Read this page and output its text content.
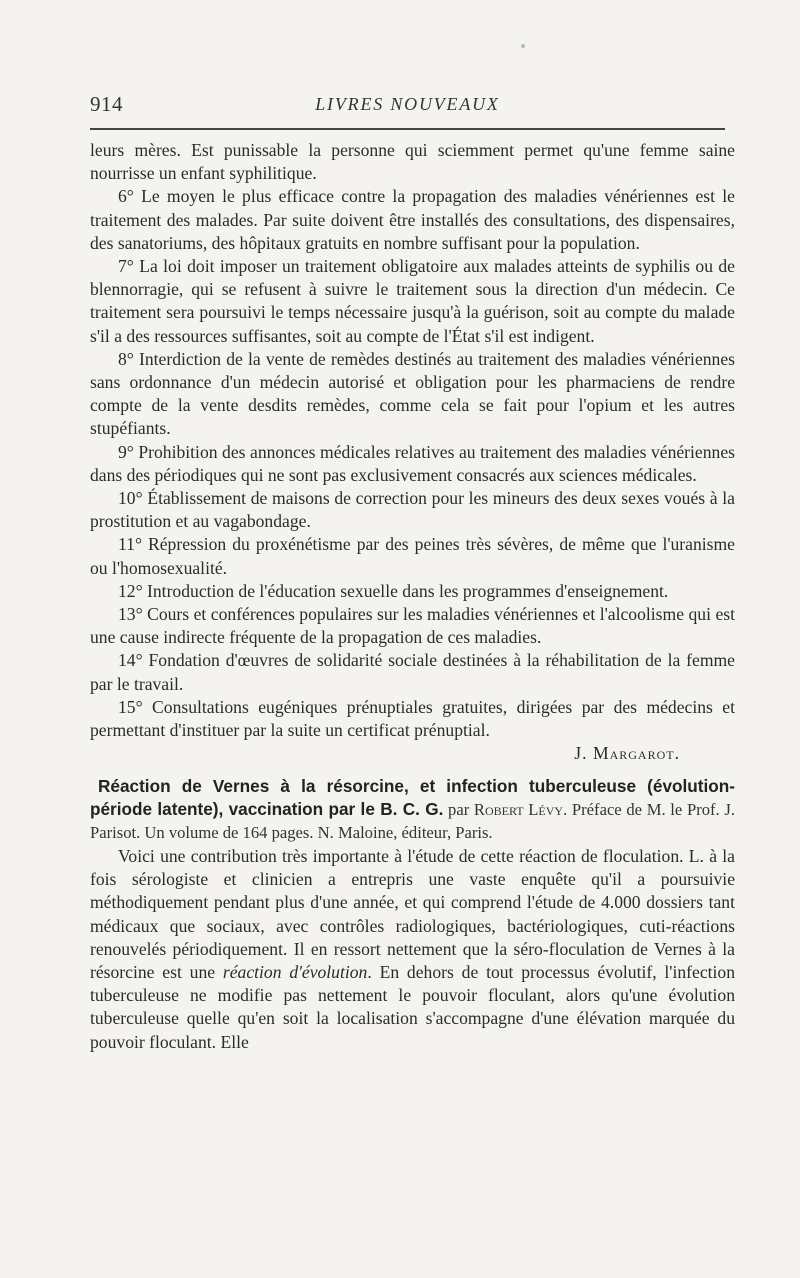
914	LIVRES NOUVEAUX

leurs mères. Est punissable la personne qui sciemment permet qu'une femme saine nourrisse un enfant syphilitique.

6° Le moyen le plus efficace contre la propagation des maladies vénériennes est le traitement des malades. Par suite doivent être installés des consultations, des dispensaires, des sanatoriums, des hôpitaux gratuits en nombre suffisant pour la population.

7° La loi doit imposer un traitement obligatoire aux malades atteints de syphilis ou de blennorragie, qui se refusent à suivre le traitement sous la direction d'un médecin. Ce traitement sera poursuivi le temps nécessaire jusqu'à la guérison, soit au compte du malade s'il a des ressources suffisantes, soit au compte de l'État s'il est indigent.

8° Interdiction de la vente de remèdes destinés au traitement des maladies vénériennes sans ordonnance d'un médecin autorisé et obligation pour les pharmaciens de rendre compte de la vente desdits remèdes, comme cela se fait pour l'opium et les autres stupéfiants.

9° Prohibition des annonces médicales relatives au traitement des maladies vénériennes dans des périodiques qui ne sont pas exclusivement consacrés aux sciences médicales.

10° Établissement de maisons de correction pour les mineurs des deux sexes voués à la prostitution et au vagabondage.

11° Répression du proxénétisme par des peines très sévères, de même que l'uranisme ou l'homosexualité.

12° Introduction de l'éducation sexuelle dans les programmes d'enseignement.

13° Cours et conférences populaires sur les maladies vénériennes et l'alcoolisme qui est une cause indirecte fréquente de la propagation de ces maladies.

14° Fondation d'œuvres de solidarité sociale destinées à la réhabilitation de la femme par le travail.

15° Consultations eugéniques prénuptiales gratuites, dirigées par des médecins et permettant d'instituer par la suite un certificat prénuptial.

J. Margarot.

Réaction de Vernes à la résorcine, et infection tuberculeuse (évolution-période latente), vaccination par le B. C. G. par Robert Lévy. Préface de M. le Prof. J. Parisot. Un volume de 164 pages. N. Maloine, éditeur, Paris.

Voici une contribution très importante à l'étude de cette réaction de floculation. L. à la fois sérologiste et clinicien a entrepris une vaste enquête qu'il a poursuivie méthodiquement pendant plus d'une année, et qui comprend l'étude de 4.000 dossiers tant médicaux que sociaux, avec contrôles radiologiques, bactériologiques, cuti-réactions renouvelés périodiquement. Il en ressort nettement que la séro-floculation de Vernes à la résorcine est une réaction d'évolution. En dehors de tout processus évolutif, l'infection tuberculeuse ne modifie pas nettement le pouvoir floculant, alors qu'une évolution tuberculeuse quelle qu'en soit la localisation s'accompagne d'une élévation marquée du pouvoir floculant. Elle
